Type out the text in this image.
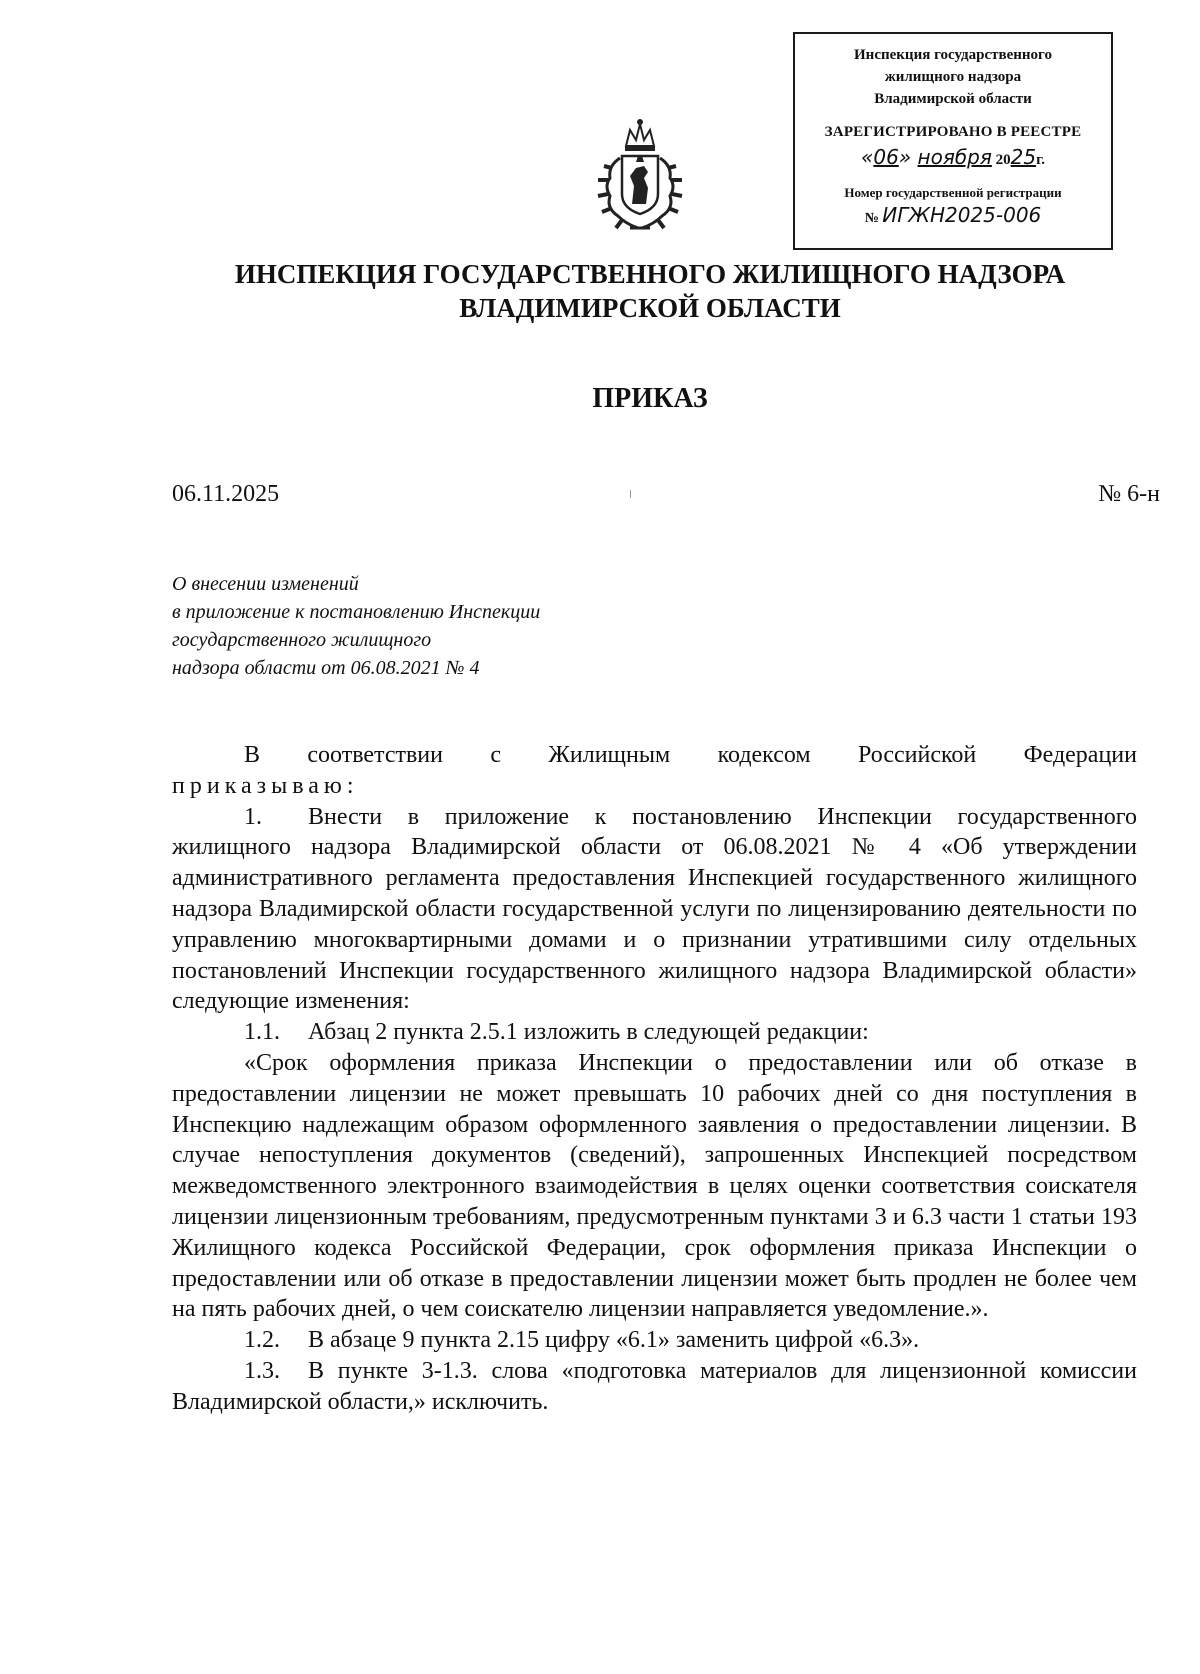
Инспекция государственного
жилищного надзора
Владимирской области
ЗАРЕГИСТРИРОВАНО В РЕЕСТРЕ
«06» ноября 2025г.
Номер государственной регистрации
№ ИГЖН2025-006
ИНСПЕКЦИЯ ГОСУДАРСТВЕННОГО ЖИЛИЩНОГО НАДЗОРА
ВЛАДИМИРСКОЙ ОБЛАСТИ
ПРИКАЗ
06.11.2025	№ 6-н
О внесении изменений
в приложение к постановлению Инспекции
государственного жилищного
надзора области от 06.08.2021 № 4

В соответствии с Жилищным кодексом Российской Федерации

приказываю:

1. Внести в приложение к постановлению Инспекции государственного жилищного надзора Владимирской области от 06.08.2021 № 4 «Об утверждении административного регламента предоставления Инспекцией государственного жилищного надзора Владимирской области государственной услуги по лицензированию деятельности по управлению многоквартирными домами и о признании утратившими силу отдельных постановлений Инспекции государственного жилищного надзора Владимирской области» следующие изменения:

1.1. Абзац 2 пункта 2.5.1 изложить в следующей редакции:

«Срок оформления приказа Инспекции о предоставлении или об отказе в предоставлении лицензии не может превышать 10 рабочих дней со дня поступления в Инспекцию надлежащим образом оформленного заявления о предоставлении лицензии. В случае непоступления документов (сведений), запрошенных Инспекцией посредством межведомственного электронного взаимодействия в целях оценки соответствия соискателя лицензии лицензионным требованиям, предусмотренным пунктами 3 и 6.3 части 1 статьи 193 Жилищного кодекса Российской Федерации, срок оформления приказа Инспекции о предоставлении или об отказе в предоставлении лицензии может быть продлен не более чем на пять рабочих дней, о чем соискателю лицензии направляется уведомление.».

1.2. В абзаце 9 пункта 2.15 цифру «6.1» заменить цифрой «6.3».

1.3. В пункте 3-1.3. слова «подготовка материалов для лицензионной комиссии Владимирской области,» исключить.
